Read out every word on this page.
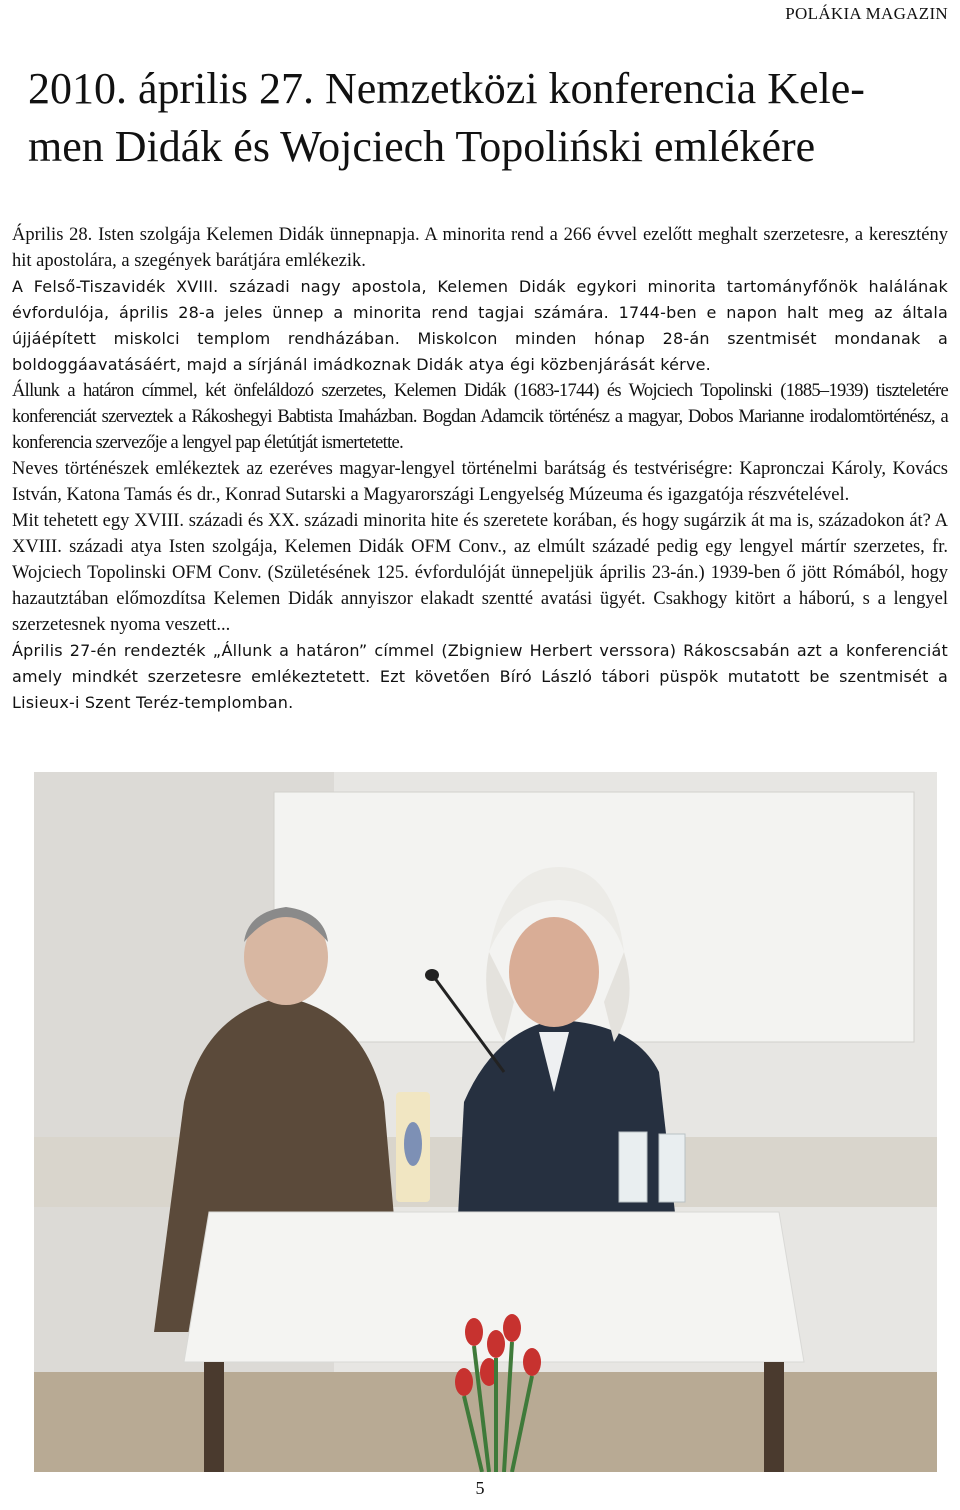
POLÁKIA MAGAZIN
2010. április 27. Nemzetközi konferencia Kele-
men Didák és Wojciech Topoliński emlékére

Április 28. Isten szolgája Kelemen Didák ünnepnapja. A minorita rend a 266 évvel ezelőtt meghalt szerzetesre, a keresztény hit apostolára, a szegények barátjára emlékezik.

A Felső-Tiszavidék XVIII. századi nagy apostola, Kelemen Didák egykori minorita tartományfőnök halálának évfordulója, április 28-a jeles ünnep a minorita rend tagjai számára. 1744-ben e napon halt meg az általa újjáépített miskolci templom rendházában. Miskolcon minden hónap 28-án szentmisét mondanak a boldoggáavatásáért, majd a sírjánál imádkoznak Didák atya égi közbenjárását kérve.

Állunk a határon címmel, két önfeláldozó szerzetes, Kelemen Didák (1683-1744) és Wojciech Topolinski (1885–1939) tiszteletére konferenciát szerveztek a Rákoshegyi Babtista Imaházban. Bogdan Adamcik történész a magyar, Dobos Marianne irodalomtörténész, a konferencia szervezője a lengyel pap életútját ismertetette.

Neves történészek emlékeztek az ezeréves magyar-lengyel történelmi barátság és testvériségre: Kapronczai Károly, Kovács István, Katona Tamás és dr., Konrad Sutarski a Magyarországi Lengyelség Múzeuma és igazgatója részvételével.

Mit tehetett egy XVIII. századi és XX. századi minorita hite és szeretete korában, és hogy sugárzik át ma is, századokon át? A XVIII. századi atya Isten szolgája, Kelemen Didák OFM Conv., az elmúlt századé pedig egy lengyel mártír szerzetes, fr. Wojciech Topolinski OFM Conv. (Születésének 125. évfordulóját ünnepeljük április 23-án.) 1939-ben ő jött Rómából, hogy hazautztában előmozdítsa Kelemen Didák annyiszor elakadt szentté avatási ügyét. Csakhogy kitört a háború, s a lengyel szerzetesnek nyoma veszett...

Április 27-én rendezték „Állunk a határon” címmel (Zbigniew Herbert verssora) Rákoscsabán azt a konferenciát amely mindkét szerzetesre emlékeztetett. Ezt követően Bíró László tábori püspök mutatott be szentmisét a Lisieux-i Szent Teréz-templomban.

5
